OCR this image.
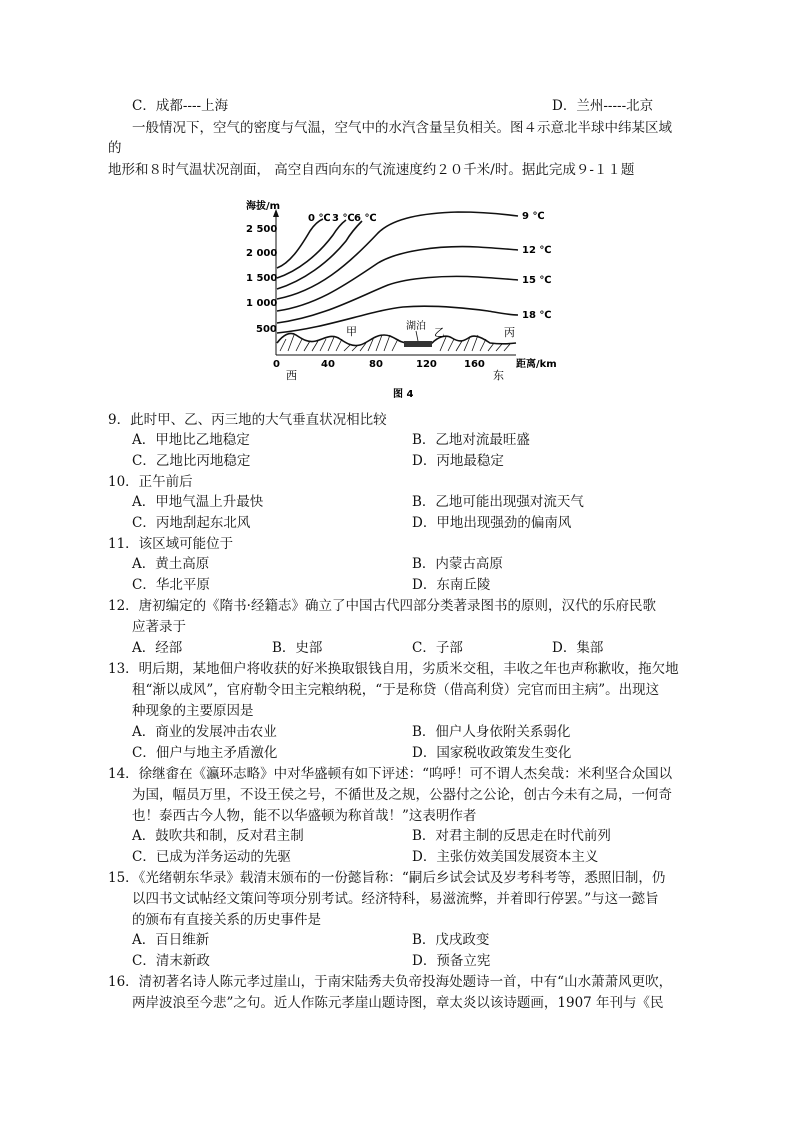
C．成都----上海	D．兰州-----北京
一般情况下，空气的密度与气温，空气中的水汽含量呈负相关。图４示意北半球中纬某区域
的
地形和８时气温状况剖面， 高空自西向东的气流速度约２０千米/时。据此完成９-１１题
海拔/m
2 500
2 000
1 500
1 000
500
0	40	80	120	160	距离/km
西	东
0 ℃ 3 ℃ 6 ℃	9 ℃
12 ℃
15 ℃
18 ℃
甲	湖泊 乙	丙
图 4
9．此时甲、乙、丙三地的大气垂直状况相比较
A．甲地比乙地稳定	B．乙地对流最旺盛
C．乙地比丙地稳定	D．丙地最稳定
10．正午前后
A．甲地气温上升最快	B．乙地可能出现强对流天气
C．丙地刮起东北风	D．甲地出现强劲的偏南风
11．该区域可能位于
A．黄土高原	B．内蒙古高原
C．华北平原	D．东南丘陵
12．唐初编定的《隋书·经籍志》确立了中国古代四部分类著录图书的原则，汉代的乐府民歌
应著录于
A．经部	B．史部	C．子部	D．集部
13．明后期，某地佃户将收获的好米换取银钱自用，劣质米交租，丰收之年也声称歉收，拖欠地
租“渐以成风”，官府勒令田主完粮纳税，“于是称贷（借高利贷）完官而田主病”。出现这
种现象的主要原因是
A．商业的发展冲击农业	B．佃户人身依附关系弱化
C．佃户与地主矛盾激化	D．国家税收政策发生变化
14．徐继畬在《瀛环志略》中对华盛顿有如下评述：“呜呼！可不谓人杰矣哉：米利坚合众国以
为国，幅员万里，不设王侯之号，不循世及之规，公器付之公论，创古今未有之局，一何奇
也！泰西古今人物，能不以华盛顿为称首哉！”这表明作者
A．鼓吹共和制，反对君主制	B．对君主制的反思走在时代前列
C．已成为洋务运动的先驱	D．主张仿效美国发展资本主义
15．《光绪朝东华录》载清末颁布的一份懿旨称：“嗣后乡试会试及岁考科考等，悉照旧制，仍
以四书文试帖经文策问等项分别考试。经济特科，易滋流弊，并着即行停罢。”与这一懿旨
的颁布有直接关系的历史事件是
A．百日维新	B．戊戌政变
C．清末新政	D．预备立宪
16．清初著名诗人陈元孝过崖山，于南宋陆秀夫负帝投海处题诗一首，中有“山水萧萧风更吹，
两岸波浪至今悲”之句。近人作陈元孝崖山题诗图，章太炎以该诗题画，1907 年刊与《民
